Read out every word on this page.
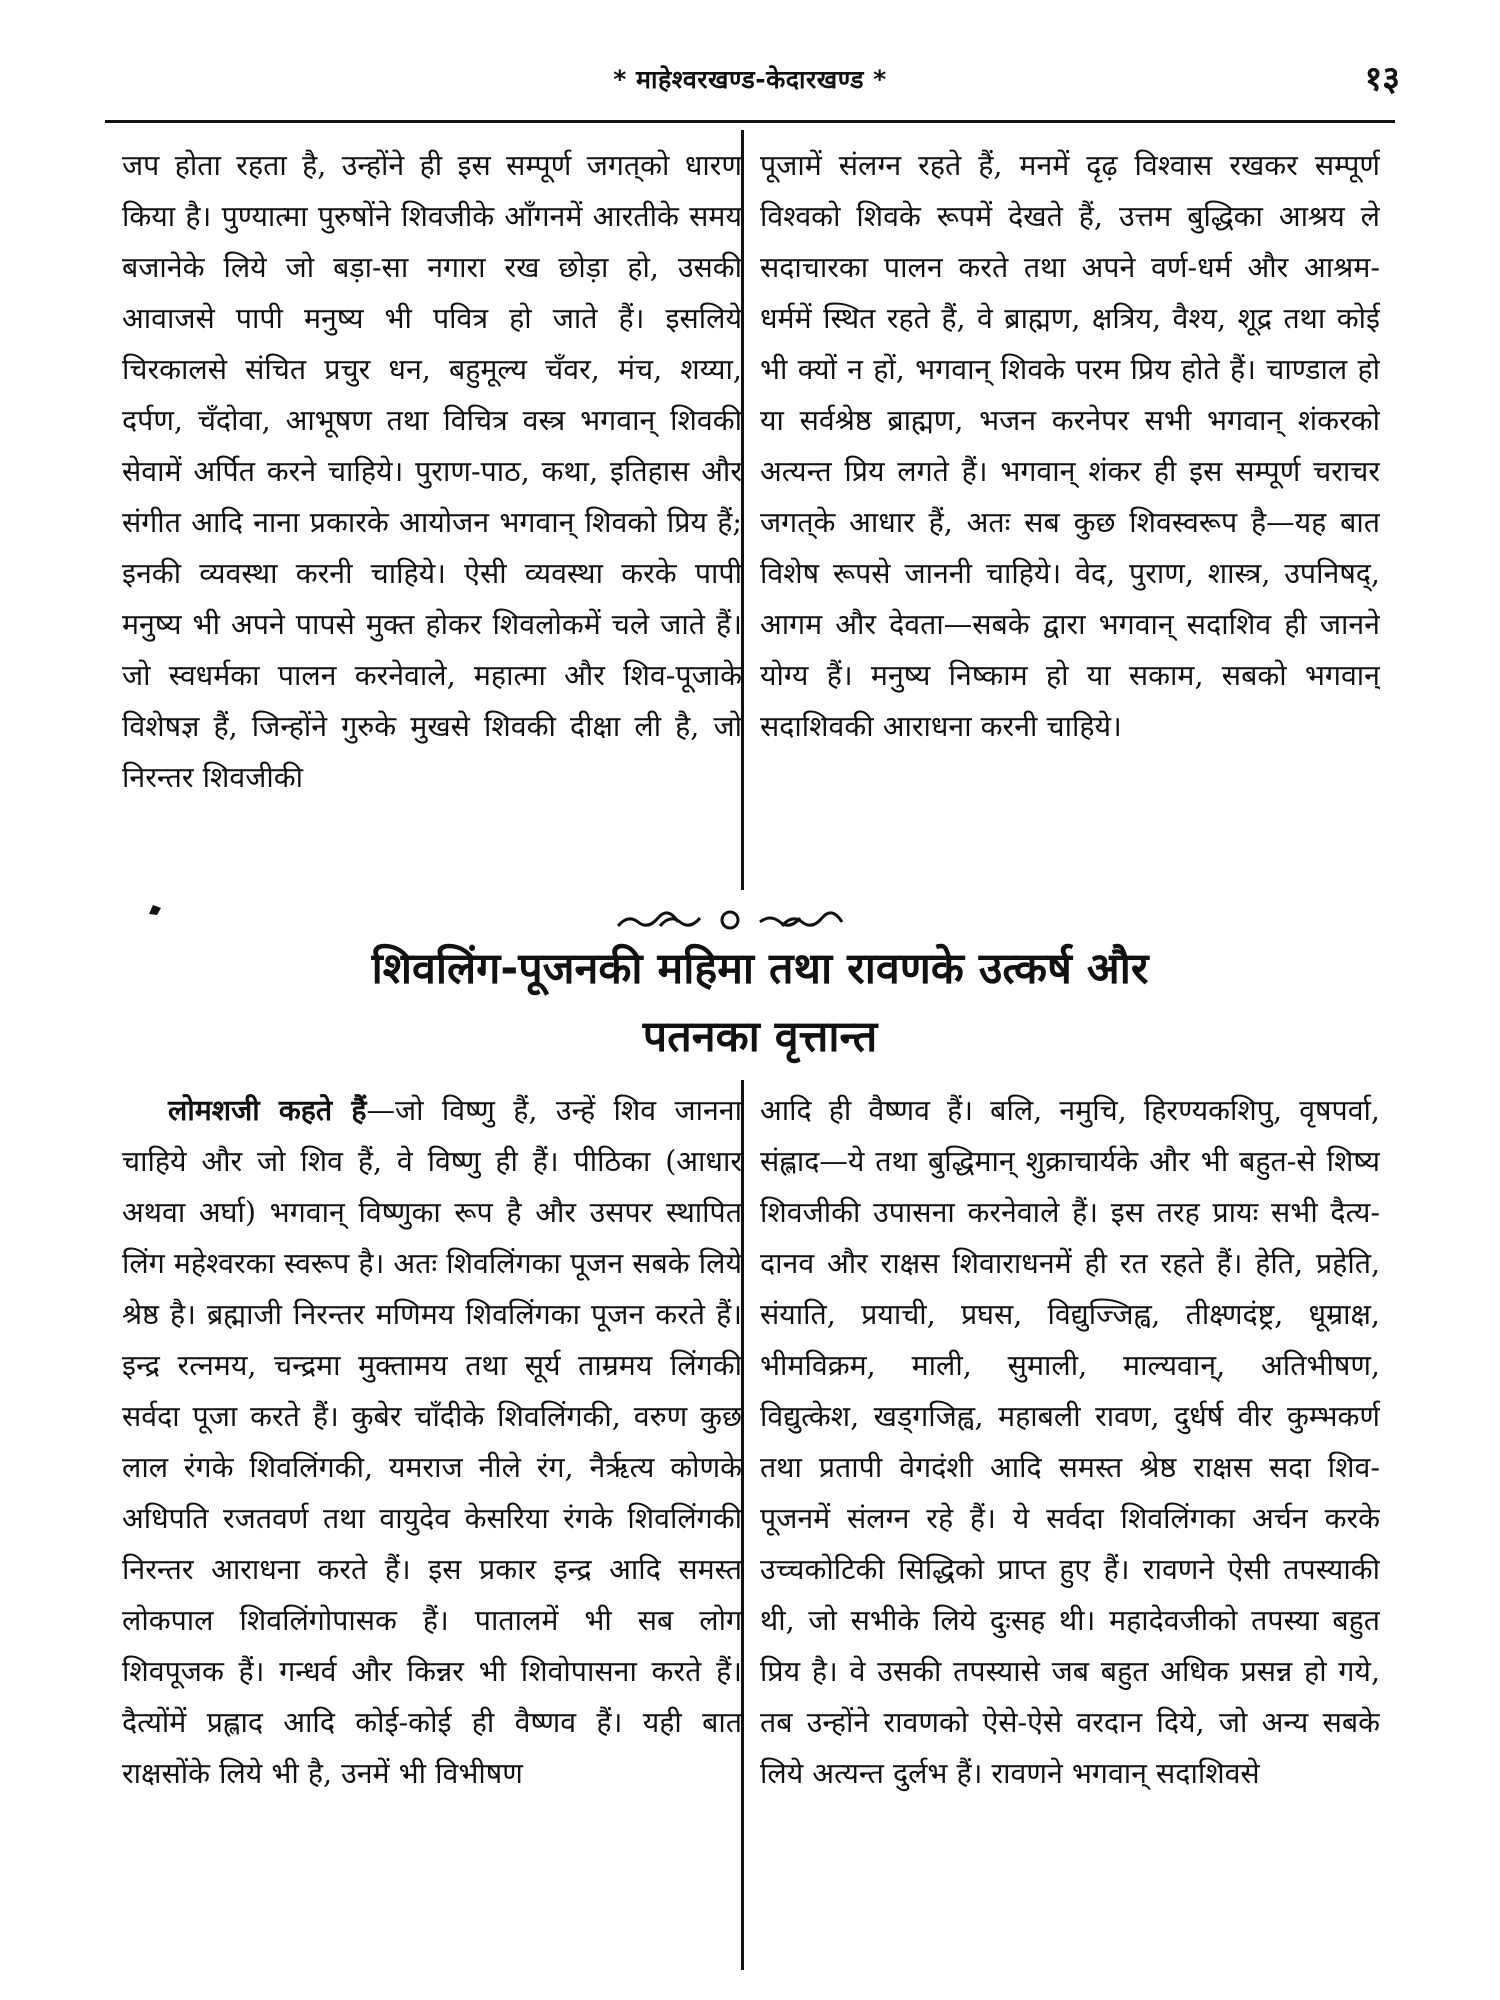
* माहेश्वरखण्ड-केदारखण्ड *	१३

जप होता रहता है, उन्होंने ही इस सम्पूर्ण जगत्‌को धारण किया है। पुण्यात्मा पुरुषोंने शिवजीके आँगनमें आरतीके समय बजानेके लिये जो बड़ा-सा नगारा रख छोड़ा हो, उसकी आवाजसे पापी मनुष्य भी पवित्र हो जाते हैं। इसलिये चिरकालसे संचित प्रचुर धन, बहुमूल्य चँवर, मंच, शय्या, दर्पण, चँदोवा, आभूषण तथा विचित्र वस्त्र भगवान् शिवकी सेवामें अर्पित करने चाहिये। पुराण-पाठ, कथा, इतिहास और संगीत आदि नाना प्रकारके आयोजन भगवान् शिवको प्रिय हैं; इनकी व्यवस्था करनी चाहिये। ऐसी व्यवस्था करके पापी मनुष्य भी अपने पापसे मुक्त होकर शिवलोकमें चले जाते हैं। जो स्वधर्मका पालन करनेवाले, महात्मा और शिव-पूजाके विशेषज्ञ हैं, जिन्होंने गुरुके मुखसे शिवकी दीक्षा ली है, जो निरन्तर शिवजीकी

पूजामें संलग्न रहते हैं, मनमें दृढ़ विश्वास रखकर सम्पूर्ण विश्वको शिवके रूपमें देखते हैं, उत्तम बुद्धिका आश्रय ले सदाचारका पालन करते तथा अपने वर्ण-धर्म और आश्रम-धर्ममें स्थित रहते हैं, वे ब्राह्मण, क्षत्रिय, वैश्य, शूद्र तथा कोई भी क्यों न हों, भगवान् शिवके परम प्रिय होते हैं। चाण्डाल हो या सर्वश्रेष्ठ ब्राह्मण, भजन करनेपर सभी भगवान् शंकरको अत्यन्त प्रिय लगते हैं। भगवान् शंकर ही इस सम्पूर्ण चराचर जगत्‌के आधार हैं, अतः सब कुछ शिवस्वरूप है—यह बात विशेष रूपसे जाननी चाहिये। वेद, पुराण, शास्त्र, उपनिषद्, आगम और देवता—सबके द्वारा भगवान् सदाशिव ही जानने योग्य हैं। मनुष्य निष्काम हो या सकाम, सबको भगवान् सदाशिवकी आराधना करनी चाहिये।

शिवलिंग-पूजनकी महिमा तथा रावणके उत्कर्ष और
पतनका वृत्तान्त

लोमशजी कहते हैं—जो विष्णु हैं, उन्हें शिव जानना चाहिये और जो शिव हैं, वे विष्णु ही हैं। पीठिका (आधार अथवा अर्घा) भगवान् विष्णुका रूप है और उसपर स्थापित लिंग महेश्वरका स्वरूप है। अतः शिवलिंगका पूजन सबके लिये श्रेष्ठ है। ब्रह्माजी निरन्तर मणिमय शिवलिंगका पूजन करते हैं। इन्द्र रत्नमय, चन्द्रमा मुक्तामय तथा सूर्य ताम्रमय लिंगकी सर्वदा पूजा करते हैं। कुबेर चाँदीके शिवलिंगकी, वरुण कुछ लाल रंगके शिवलिंगकी, यमराज नीले रंग, नैर्ऋत्य कोणके अधिपति रजतवर्ण तथा वायुदेव केसरिया रंगके शिवलिंगकी निरन्तर आराधना करते हैं। इस प्रकार इन्द्र आदि समस्त लोकपाल शिवलिंगोपासक हैं। पातालमें भी सब लोग शिवपूजक हैं। गन्धर्व और किन्नर भी शिवोपासना करते हैं। दैत्योंमें प्रह्लाद आदि कोई-कोई ही वैष्णव हैं। यही बात राक्षसोंके लिये भी है, उनमें भी विभीषण

आदि ही वैष्णव हैं। बलि, नमुचि, हिरण्यकशिपु, वृषपर्वा, संह्लाद—ये तथा बुद्धिमान् शुक्राचार्यके और भी बहुत-से शिष्य शिवजीकी उपासना करनेवाले हैं। इस तरह प्रायः सभी दैत्य-दानव और राक्षस शिवाराधनमें ही रत रहते हैं। हेति, प्रहेति, संयाति, प्रयाची, प्रघस, विद्युज्जिह्व, तीक्ष्णदंष्ट्र, धूम्राक्ष, भीमविक्रम, माली, सुमाली, माल्यवान्, अतिभीषण, विद्युत्केश, खड्गजिह्व, महाबली रावण, दुर्धर्ष वीर कुम्भकर्ण तथा प्रतापी वेगदंशी आदि समस्त श्रेष्ठ राक्षस सदा शिव-पूजनमें संलग्न रहे हैं। ये सर्वदा शिवलिंगका अर्चन करके उच्चकोटिकी सिद्धिको प्राप्त हुए हैं। रावणने ऐसी तपस्याकी थी, जो सभीके लिये दुःसह थी। महादेवजीको तपस्या बहुत प्रिय है। वे उसकी तपस्यासे जब बहुत अधिक प्रसन्न हो गये, तब उन्होंने रावणको ऐसे-ऐसे वरदान दिये, जो अन्य सबके लिये अत्यन्त दुर्लभ हैं। रावणने भगवान् सदाशिवसे
